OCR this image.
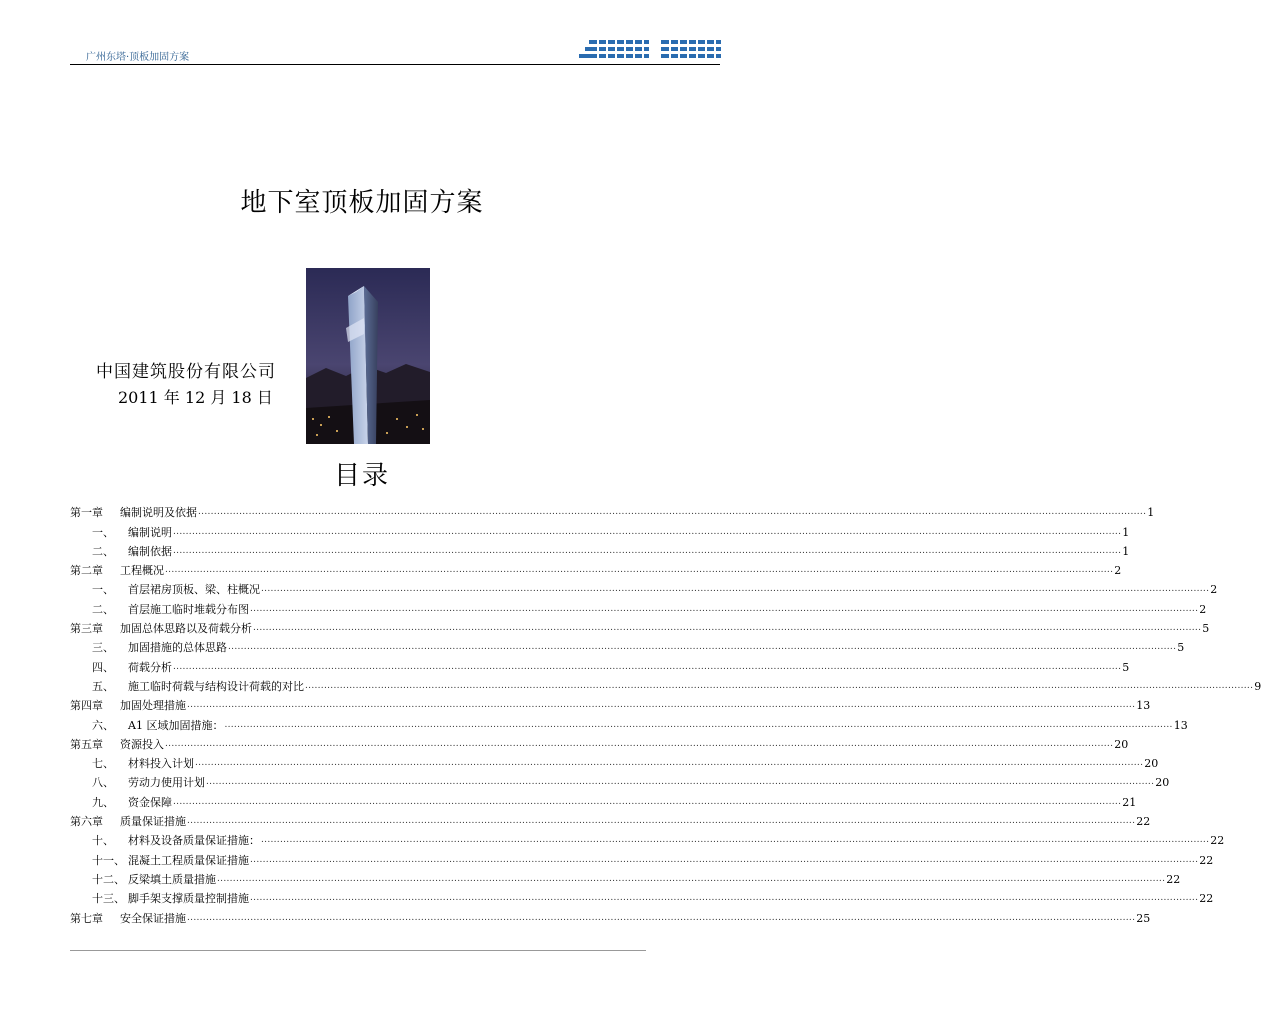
广州东塔·顶板加固方案
地下室顶板加固方案
中国建筑股份有限公司
2011 年 12 月 18 日
目录
第一章 编制说明及依据 ............................................................................................................................................................................................................................................................................................................ 1
一、 编制说明 ............................................................................................................................................................................................................................................................................................................ 1
二、 编制依据 ............................................................................................................................................................................................................................................................................................................ 1
第二章 工程概况 ............................................................................................................................................................................................................................................................................................................ 2
一、 首层裙房顶板、梁、柱概况 ............................................................................................................................................................................................................................................................................................................ 2
二、 首层施工临时堆载分布图 ............................................................................................................................................................................................................................................................................................................ 2
第三章 加固总体思路以及荷载分析 ............................................................................................................................................................................................................................................................................................................ 5
三、 加固措施的总体思路 ............................................................................................................................................................................................................................................................................................................ 5
四、 荷载分析 ............................................................................................................................................................................................................................................................................................................ 5
五、 施工临时荷载与结构设计荷载的对比 ............................................................................................................................................................................................................................................................................................................ 9
第四章 加固处理措施 ............................................................................................................................................................................................................................................................................................................ 13
六、 A1 区域加固措施： ............................................................................................................................................................................................................................................................................................................ 13
第五章 资源投入 ............................................................................................................................................................................................................................................................................................................ 20
七、 材料投入计划 ............................................................................................................................................................................................................................................................................................................ 20
八、 劳动力使用计划 ............................................................................................................................................................................................................................................................................................................ 20
九、 资金保障 ............................................................................................................................................................................................................................................................................................................ 21
第六章 质量保证措施 ............................................................................................................................................................................................................................................................................................................ 22
十、 材料及设备质量保证措施： ............................................................................................................................................................................................................................................................................................................ 22
十一、 混凝土工程质量保证措施 ............................................................................................................................................................................................................................................................................................................ 22
十二、 反梁填土质量措施 ............................................................................................................................................................................................................................................................................................................ 22
十三、 脚手架支撑质量控制措施 ............................................................................................................................................................................................................................................................................................................ 22
第七章 安全保证措施 ............................................................................................................................................................................................................................................................................................................ 25
